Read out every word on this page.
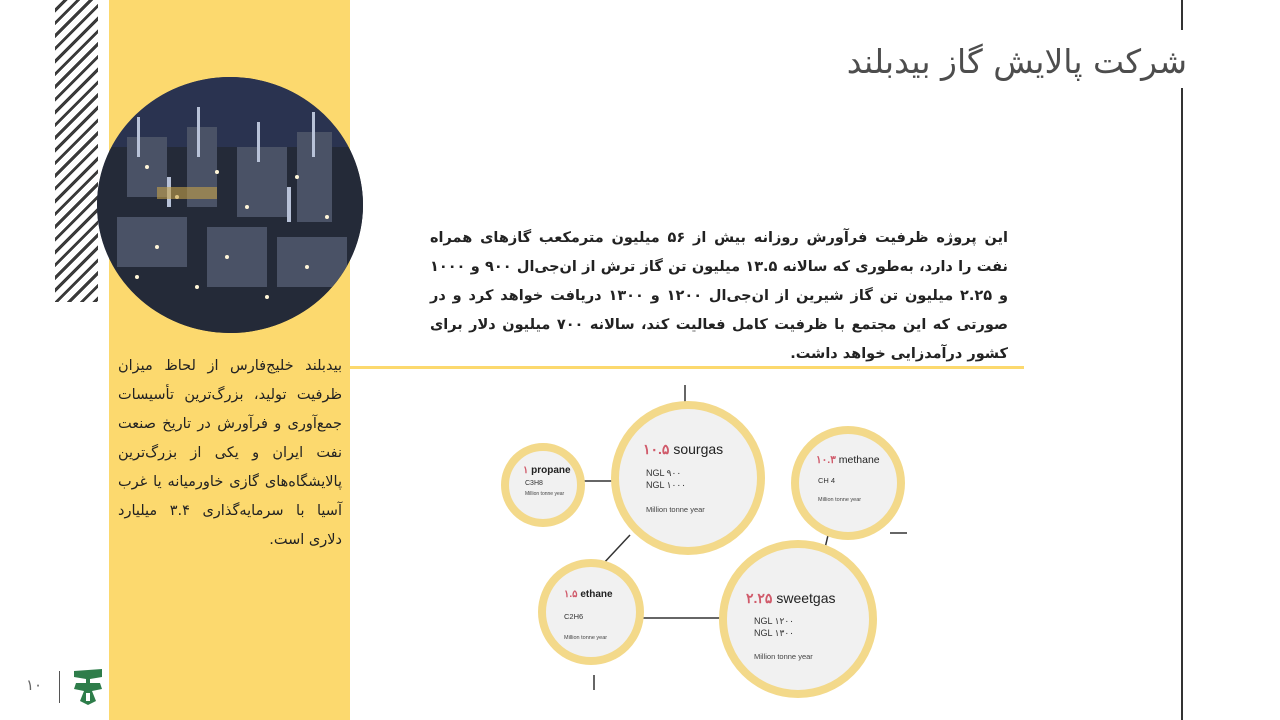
بیدبلند خلیج‌فارس از لحاظ میزان ظرفیت تولید، بزرگ‌ترین تأسیسات جمع‌آوری و فرآورش در تاریخ صنعت نفت ایران و یکی از بزرگ‌ترین پالایشگاه‌های گازی خاورمیانه یا غرب آسیا با سرمایه‌گذاری ۳.۴ میلیارد دلاری است.
۱۰
شرکت پالایش گاز بیدبلند
این پروژه ظرفیت فرآورش روزانه بیش از ۵۶ میلیون مترمکعب گازهای همراه نفت را دارد، به‌طوری که سالانه ۱۳.۵ میلیون تن گاز ترش از ان‌جی‌ال ۹۰۰ و ۱۰۰۰ و ۲.۲۵ میلیون تن گاز شیرین از ان‌جی‌ال ۱۲۰۰ و ۱۳۰۰ دریافت خواهد کرد و در صورتی که این مجتمع با ظرفیت کامل فعالیت کند، سالانه ۷۰۰ میلیون دلار برای کشور درآمدزایی خواهد داشت.
۱ propane
C3H8
Million tonne year
۱۰.۵ sourgas
NGL ۹۰۰
NGL ۱۰۰۰
Million tonne year
۱۰.۳ methane
CH 4
Million tonne year
۱.۵ ethane
C2H6
Million tonne year
۲.۲۵ sweetgas
NGL ۱۲۰۰
NGL ۱۳۰۰
Million tonne year
